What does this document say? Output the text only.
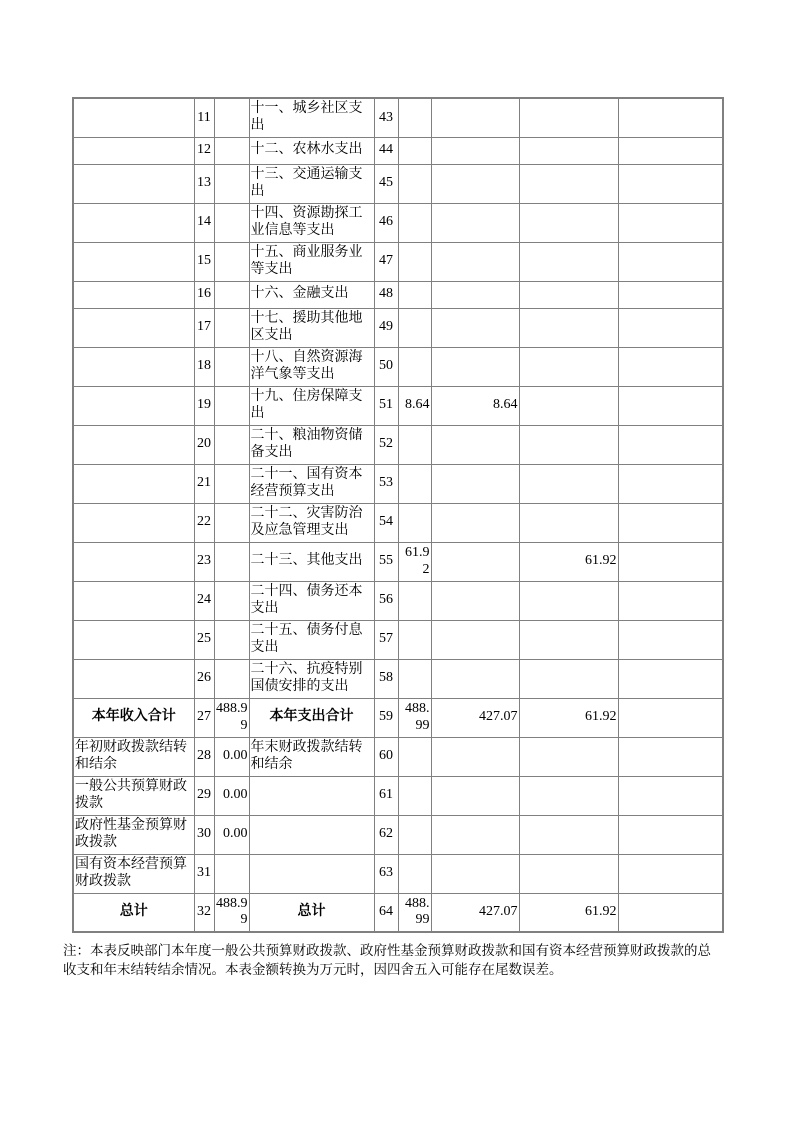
	11		十一、城乡社区支出	43				
	12		十二、农林水支出	44				
	13		十三、交通运输支出	45				
	14		十四、资源勘探工业信息等支出	46				
	15		十五、商业服务业等支出	47				
	16		十六、金融支出	48				
	17		十七、援助其他地区支出	49				
	18		十八、自然资源海洋气象等支出	50				
	19		十九、住房保障支出	51	8.64	8.64		
	20		二十、粮油物资储备支出	52				
	21		二十一、国有资本经营预算支出	53				
	22		二十二、灾害防治及应急管理支出	54				
	23		二十三、其他支出	55	61.92		61.92	
	24		二十四、债务还本支出	56				
	25		二十五、债务付息支出	57				
	26		二十六、抗疫特别国债安排的支出	58				
本年收入合计	27	488.99	本年支出合计	59	488.99	427.07	61.92	
年初财政拨款结转和结余	28	0.00	年末财政拨款结转和结余	60				
一般公共预算财政拨款	29	0.00		61				
政府性基金预算财政拨款	30	0.00		62				
国有资本经营预算财政拨款	31			63				
总计	32	488.99	总计	64	488.99	427.07	61.92	
注：本表反映部门本年度一般公共预算财政拨款、政府性基金预算财政拨款和国有资本经营预算财政拨款的总
收支和年末结转结余情况。本表金额转换为万元时，因四舍五入可能存在尾数误差。
